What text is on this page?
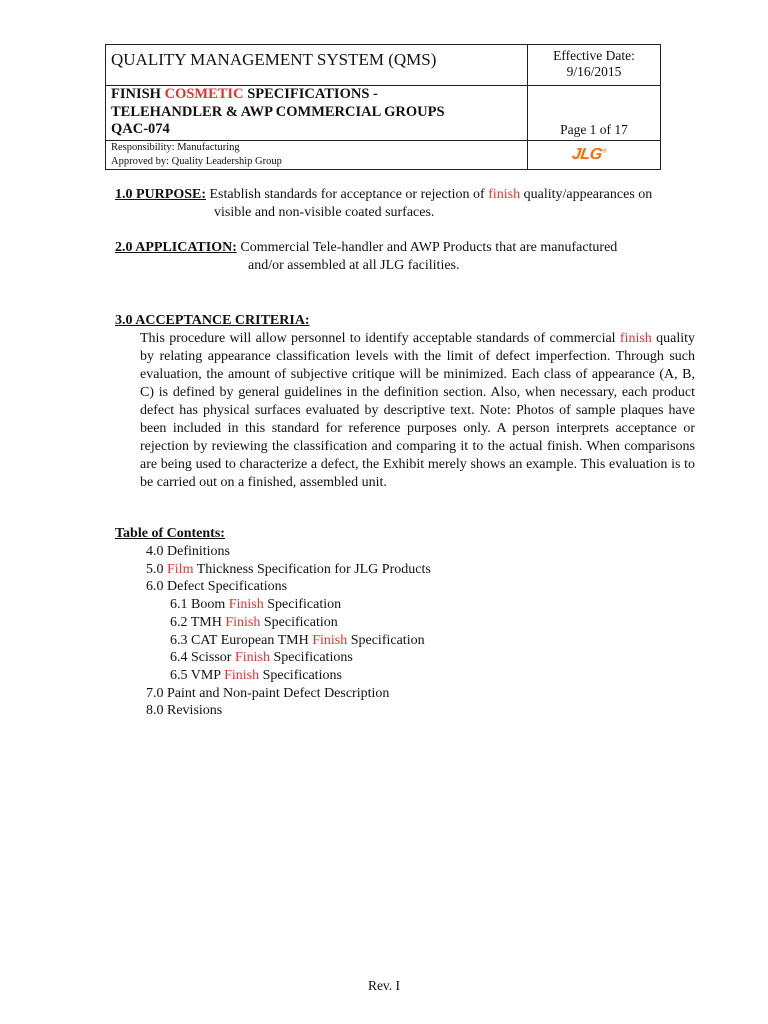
QUALITY MANAGEMENT SYSTEM (QMS)	Effective Date:
9/16/2015

FINISH COSMETIC SPECIFICATIONS -
TELEHANDLER & AWP COMMERCIAL GROUPS
QAC-074	Page 1 of 17

Responsibility: Manufacturing
Approved by: Quality Leadership Group	JLG®
1.0 PURPOSE: Establish standards for acceptance or rejection of finish quality/appearances on
visible and non-visible coated surfaces.
2.0 APPLICATION: Commercial Tele-handler and AWP Products that are manufactured
and/or assembled at all JLG facilities.
3.0 ACCEPTANCE CRITERIA:
This procedure will allow personnel to identify acceptable standards of commercial finish quality by relating appearance classification levels with the limit of defect imperfection. Through such evaluation, the amount of subjective critique will be minimized. Each class of appearance (A, B, C) is defined by general guidelines in the definition section. Also, when necessary, each product defect has physical surfaces evaluated by descriptive text. Note: Photos of sample plaques have been included in this standard for reference purposes only. A person interprets acceptance or rejection by reviewing the classification and comparing it to the actual finish. When comparisons are being used to characterize a defect, the Exhibit merely shows an example. This evaluation is to be carried out on a finished, assembled unit.
Table of Contents:
4.0 Definitions
5.0 Film Thickness Specification for JLG Products
6.0 Defect Specifications
6.1 Boom Finish Specification
6.2 TMH Finish Specification
6.3 CAT European TMH Finish Specification
6.4 Scissor Finish Specifications
6.5 VMP Finish Specifications
7.0 Paint and Non-paint Defect Description
8.0 Revisions
Rev. I
